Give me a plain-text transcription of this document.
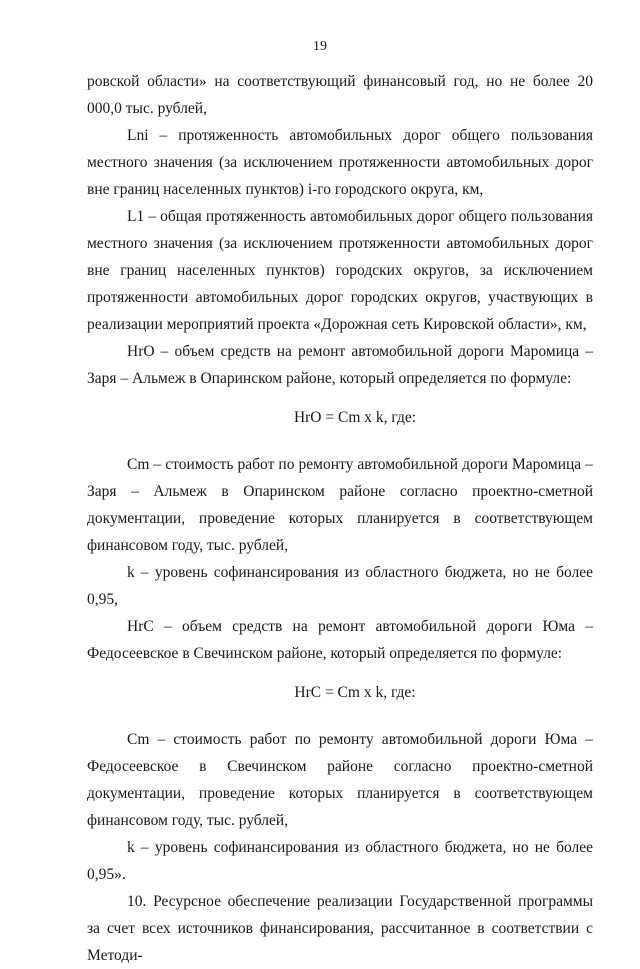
19

ровской области» на соответствующий финансовый год, но не более 20 000,0 тыс. рублей,

Lni – протяженность автомобильных дорог общего пользования местного значения (за исключением протяженности автомобильных дорог вне границ населенных пунктов) i-го городского округа, км,

L1 – общая протяженность автомобильных дорог общего пользования местного значения (за исключением протяженности автомобильных дорог вне границ населенных пунктов) городских округов, за исключением протяженности автомобильных дорог городских округов, участвующих в реализации мероприятий проекта «Дорожная сеть Кировской области», км,

HrO – объем средств на ремонт автомобильной дороги Маромица – Заря – Альмеж в Опаринском районе, который определяется по формуле:

HrO = Cm x k, где:

Cm – стоимость работ по ремонту автомобильной дороги Маромица – Заря – Альмеж в Опаринском районе согласно проектно-сметной документации, проведение которых планируется в соответствующем финансовом году, тыс. рублей,

k – уровень софинансирования из областного бюджета, но не более 0,95,

HrC – объем средств на ремонт автомобильной дороги Юма – Федосеевское в Свечинском районе, который определяется по формуле:

HrC = Cm x k, где:

Cm – стоимость работ по ремонту автомобильной дороги Юма – Федосеевское в Свечинском районе согласно проектно-сметной документации, проведение которых планируется в соответствующем финансовом году, тыс. рублей,

k – уровень софинансирования из областного бюджета, но не более 0,95».

10. Ресурсное обеспечение реализации Государственной программы за счет всех источников финансирования, рассчитанное в соответствии с Методи-
